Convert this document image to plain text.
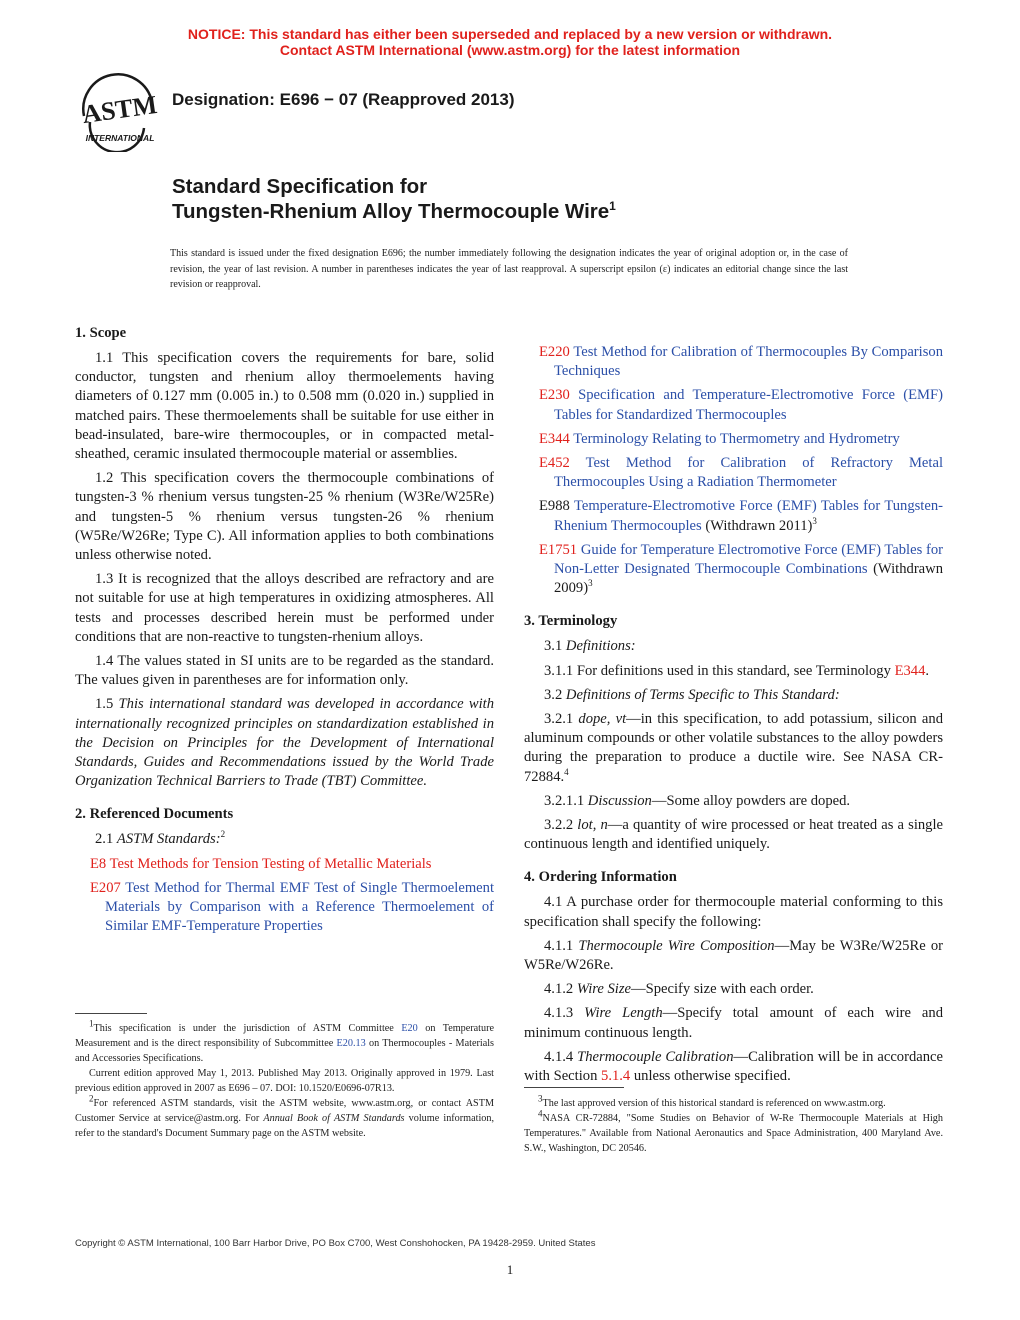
NOTICE: This standard has either been superseded and replaced by a new version or withdrawn.
Contact ASTM International (www.astm.org) for the latest information
ASTM
INTERNATIONAL
Designation: E696 − 07 (Reapproved 2013)
Standard Specification for
Tungsten-Rhenium Alloy Thermocouple Wire$^1$
This standard is issued under the fixed designation E696; the number immediately following the designation indicates the year of original adoption or, in the case of revision, the year of last revision. A number in parentheses indicates the year of last reapproval. A superscript epsilon (ε) indicates an editorial change since the last revision or reapproval.
1. Scope

1.1 This specification covers the requirements for bare, solid conductor, tungsten and rhenium alloy thermoelements having diameters of 0.127 mm (0.005 in.) to 0.508 mm (0.020 in.) supplied in matched pairs. These thermoelements shall be suitable for use either in bead-insulated, bare-wire thermocouples, or in compacted metal-sheathed, ceramic insulated thermocouple material or assemblies.

1.2 This specification covers the thermocouple combinations of tungsten-3 % rhenium versus tungsten-25 % rhenium (W3Re/W25Re) and tungsten-5 % rhenium versus tungsten-26 % rhenium (W5Re/W26Re; Type C). All information applies to both combinations unless otherwise noted.

1.3 It is recognized that the alloys described are refractory and are not suitable for use at high temperatures in oxidizing atmospheres. All tests and processes described herein must be performed under conditions that are non-reactive to tungsten-rhenium alloys.

1.4 The values stated in SI units are to be regarded as the standard. The values given in parentheses are for information only.

1.5 This international standard was developed in accordance with internationally recognized principles on standardization established in the Decision on Principles for the Development of International Standards, Guides and Recommendations issued by the World Trade Organization Technical Barriers to Trade (TBT) Committee.

2. Referenced Documents

2.1 ASTM Standards:$^2$

E8 Test Methods for Tension Testing of Metallic Materials

E207 Test Method for Thermal EMF Test of Single Thermoelement Materials by Comparison with a Reference Thermoelement of Similar EMF-Temperature Properties

E220 Test Method for Calibration of Thermocouples By Comparison Techniques

E230 Specification and Temperature-Electromotive Force (EMF) Tables for Standardized Thermocouples

E344 Terminology Relating to Thermometry and Hydrometry

E452 Test Method for Calibration of Refractory Metal Thermocouples Using a Radiation Thermometer

E988 Temperature-Electromotive Force (EMF) Tables for Tungsten-Rhenium Thermocouples (Withdrawn 2011)$^3$

E1751 Guide for Temperature Electromotive Force (EMF) Tables for Non-Letter Designated Thermocouple Combinations (Withdrawn 2009)$^3$

3. Terminology

3.1 Definitions:

3.1.1 For definitions used in this standard, see Terminology E344.

3.2 Definitions of Terms Specific to This Standard:

3.2.1 dope, vt—in this specification, to add potassium, silicon and aluminum compounds or other volatile substances to the alloy powders during the preparation to produce a ductile wire. See NASA CR-72884.$^4$

3.2.1.1 Discussion—Some alloy powders are doped.

3.2.2 lot, n—a quantity of wire processed or heat treated as a single continuous length and identified uniquely.

4. Ordering Information

4.1 A purchase order for thermocouple material conforming to this specification shall specify the following:

4.1.1 Thermocouple Wire Composition—May be W3Re/W25Re or W5Re/W26Re.

4.1.2 Wire Size—Specify size with each order.

4.1.3 Wire Length—Specify total amount of each wire and minimum continuous length.

4.1.4 Thermocouple Calibration—Calibration will be in accordance with Section 5.1.4 unless otherwise specified.

$^1$This specification is under the jurisdiction of ASTM Committee E20 on Temperature Measurement and is the direct responsibility of Subcommittee E20.13 on Thermocouples - Materials and Accessories Specifications.

Current edition approved May 1, 2013. Published May 2013. Originally approved in 1979. Last previous edition approved in 2007 as E696 – 07. DOI: 10.1520/E0696-07R13.

$^2$For referenced ASTM standards, visit the ASTM website, www.astm.org, or contact ASTM Customer Service at service@astm.org. For Annual Book of ASTM Standards volume information, refer to the standard's Document Summary page on the ASTM website.

$^3$The last approved version of this historical standard is referenced on www.astm.org.

$^4$NASA CR-72884, "Some Studies on Behavior of W-Re Thermocouple Materials at High Temperatures." Available from National Aeronautics and Space Administration, 400 Maryland Ave. S.W., Washington, DC 20546.

Copyright © ASTM International, 100 Barr Harbor Drive, PO Box C700, West Conshohocken, PA 19428-2959. United States
1
